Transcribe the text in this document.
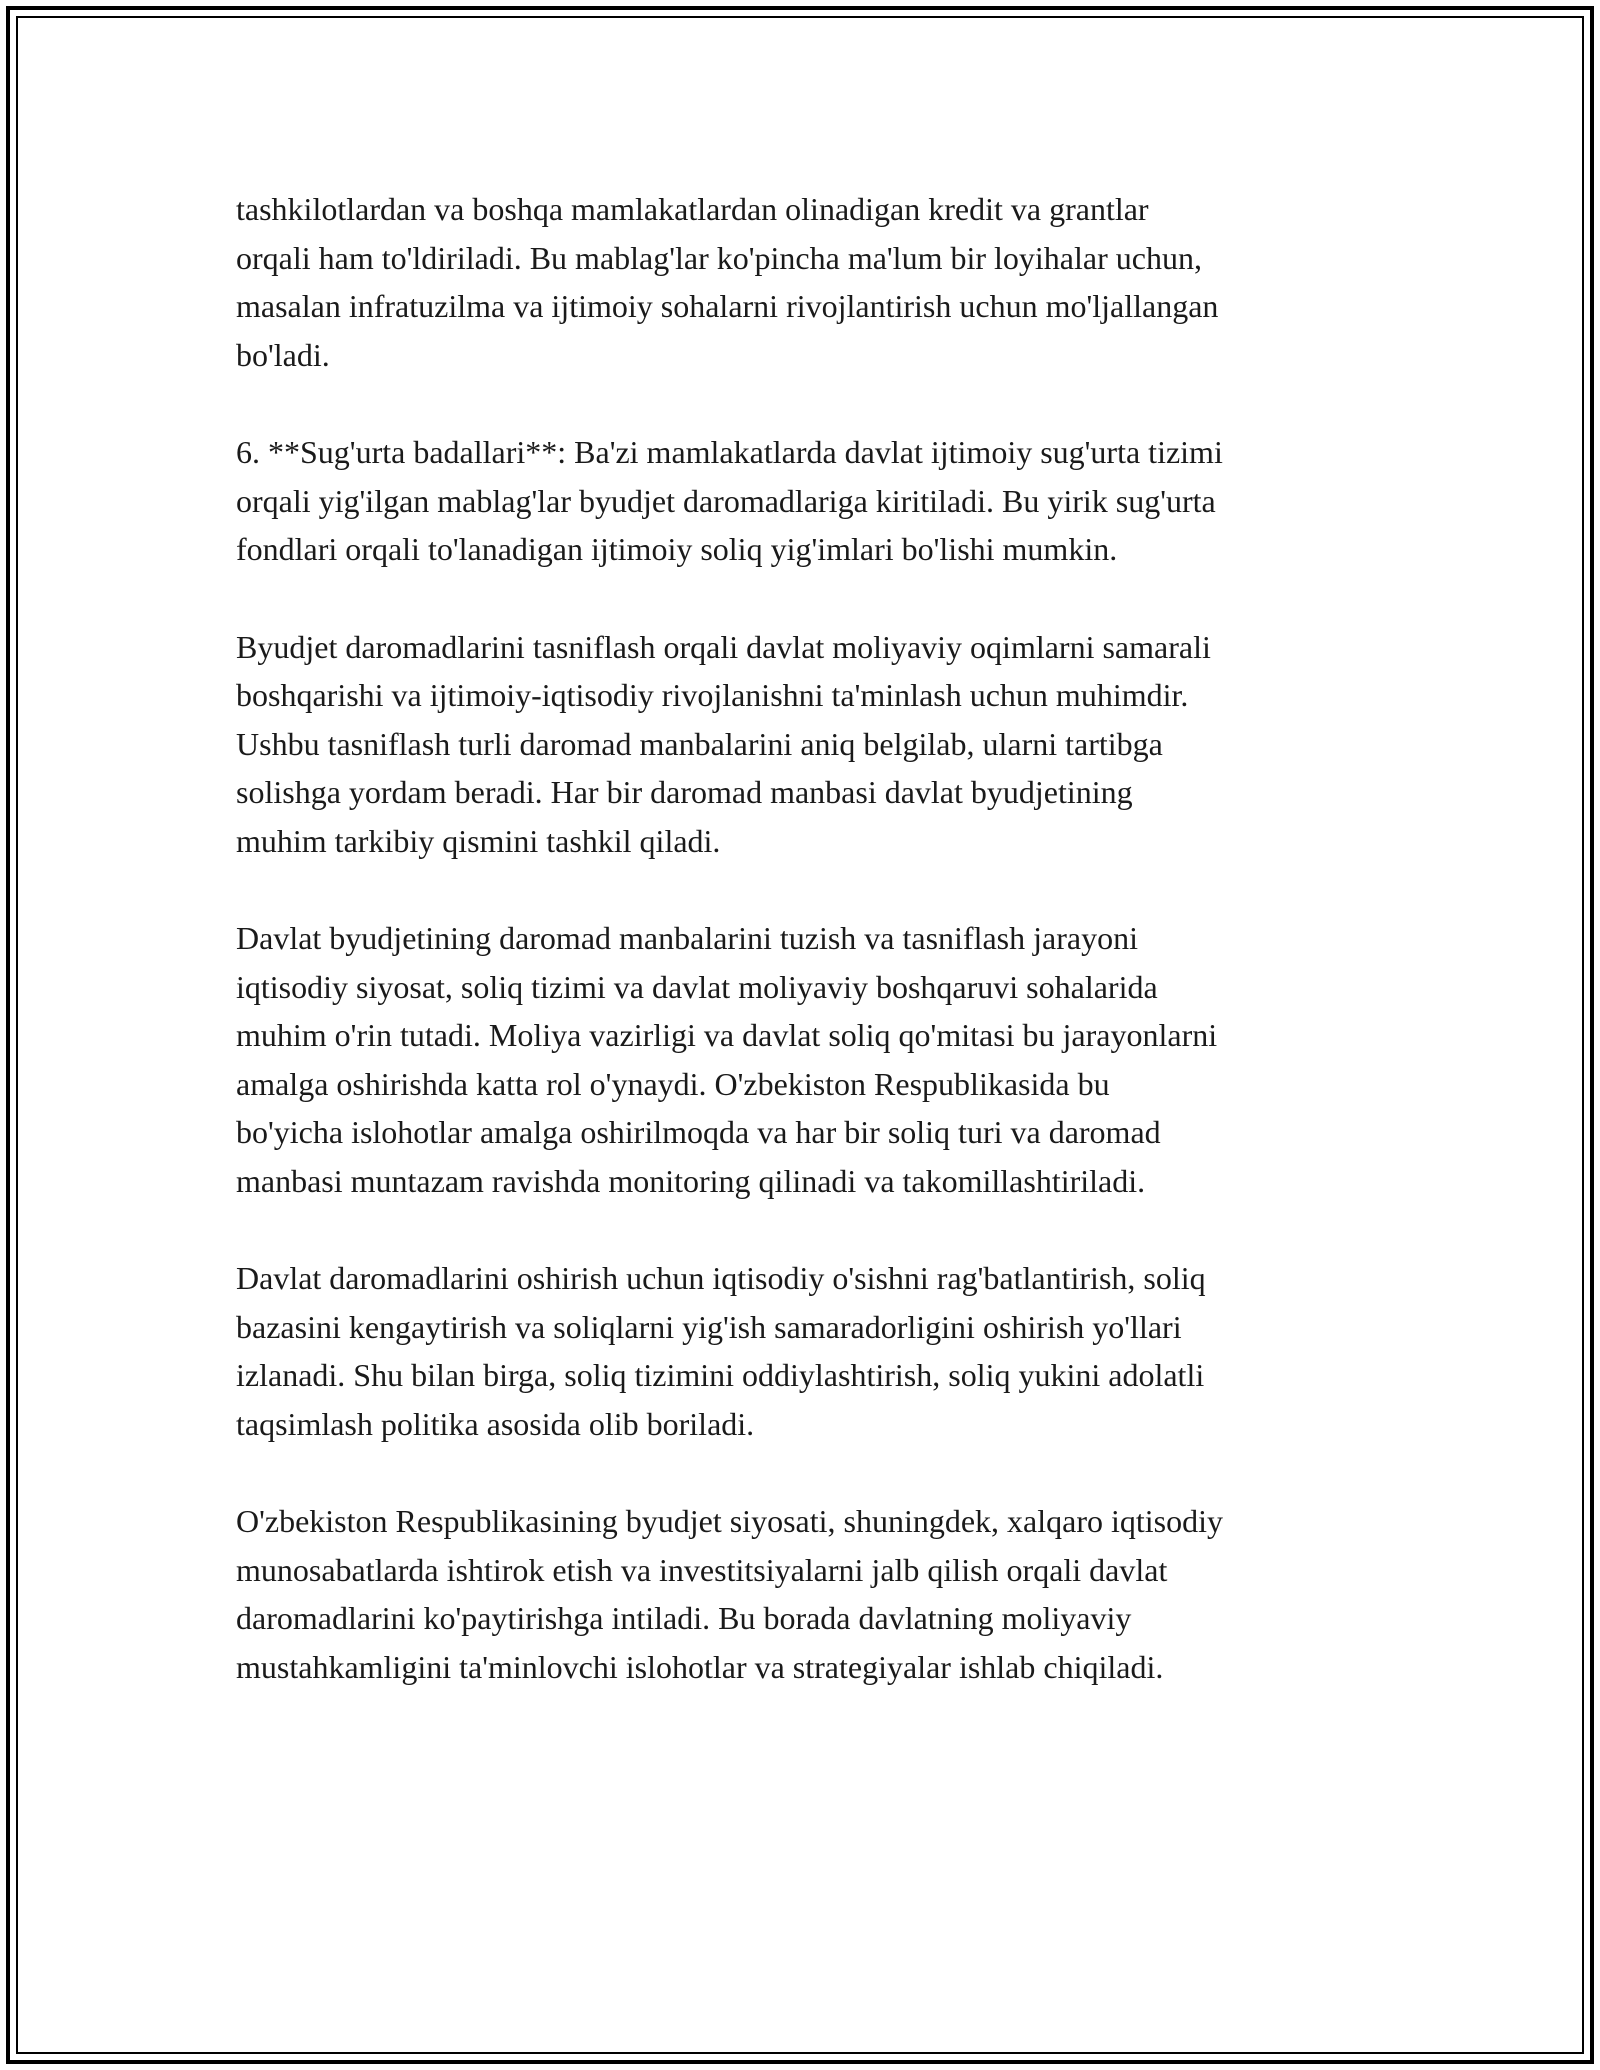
tashkilotlardan va boshqa mamlakatlardan olinadigan kredit va grantlar
orqali ham to'ldiriladi. Bu mablag'lar ko'pincha ma'lum bir loyihalar uchun,
masalan infratuzilma va ijtimoiy sohalarni rivojlantirish uchun mo'ljallangan
bo'ladi.

6. **Sug'urta badallari**: Ba'zi mamlakatlarda davlat ijtimoiy sug'urta tizimi
orqali yig'ilgan mablag'lar byudjet daromadlariga kiritiladi. Bu yirik sug'urta
fondlari orqali to'lanadigan ijtimoiy soliq yig'imlari bo'lishi mumkin.

Byudjet daromadlarini tasniflash orqali davlat moliyaviy oqimlarni samarali
boshqarishi va ijtimoiy-iqtisodiy rivojlanishni ta'minlash uchun muhimdir.
Ushbu tasniflash turli daromad manbalarini aniq belgilab, ularni tartibga
solishga yordam beradi. Har bir daromad manbasi davlat byudjetining
muhim tarkibiy qismini tashkil qiladi.

Davlat byudjetining daromad manbalarini tuzish va tasniflash jarayoni
iqtisodiy siyosat, soliq tizimi va davlat moliyaviy boshqaruvi sohalarida
muhim o'rin tutadi. Moliya vazirligi va davlat soliq qo'mitasi bu jarayonlarni
amalga oshirishda katta rol o'ynaydi. O'zbekiston Respublikasida bu
bo'yicha islohotlar amalga oshirilmoqda va har bir soliq turi va daromad
manbasi muntazam ravishda monitoring qilinadi va takomillashtiriladi.

Davlat daromadlarini oshirish uchun iqtisodiy o'sishni rag'batlantirish, soliq
bazasini kengaytirish va soliqlarni yig'ish samaradorligini oshirish yo'llari
izlanadi. Shu bilan birga, soliq tizimini oddiylashtirish, soliq yukini adolatli
taqsimlash politika asosida olib boriladi.

O'zbekiston Respublikasining byudjet siyosati, shuningdek, xalqaro iqtisodiy
munosabatlarda ishtirok etish va investitsiyalarni jalb qilish orqali davlat
daromadlarini ko'paytirishga intiladi. Bu borada davlatning moliyaviy
mustahkamligini ta'minlovchi islohotlar va strategiyalar ishlab chiqiladi.
